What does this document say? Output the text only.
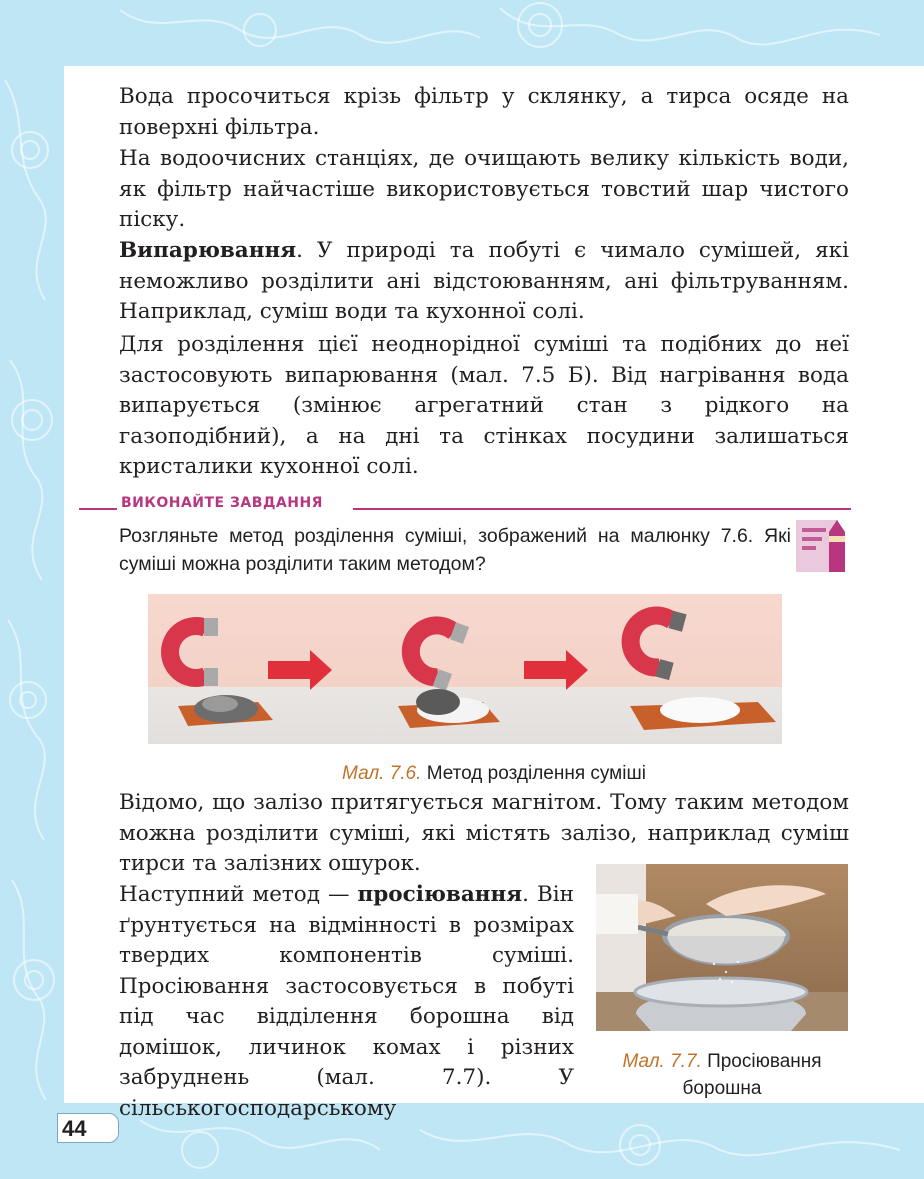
Вода просочиться крізь фільтр у склянку, а тирса осяде на поверхні фільтра.

На водоочисних станціях, де очищають велику кількість води, як фільтр найчастіше використовується товстий шар чистого піску.

Випарювання. У природі та побуті є чимало сумішей, які неможливо розділити ані відстоюванням, ані фільтруванням. Наприклад, суміш води та кухонної солі.

Для розділення цієї неоднорідної суміші та подібних до неї застосовують випарювання (мал. 7.5 Б). Від нагрівання вода випарується (змінює агрегатний стан з рідкого на газоподібний), а на дні та стінках посудини залишаться кристалики кухонної солі.

ВИКОНАЙТЕ ЗАВДАННЯ

Розгляньте метод розділення суміші, зображений на малюнку 7.6. Які суміші можна розділити таким методом?

Мал. 7.6. Метод розділення суміші

Відомо, що залізо притягується магнітом. Тому таким методом можна розділити суміші, які містять залізо, наприклад суміш тирси та залізних ошурок.

Наступний метод — просіювання. Він ґрунтується на відмінності в розмірах твердих компонентів суміші. Просіювання застосовується в побуті під час відділення борошна від домішок, личинок комах і різних забруднень (мал. 7.7). У сільськогосподарському

Мал. 7.7. Просіювання
борошна
44
